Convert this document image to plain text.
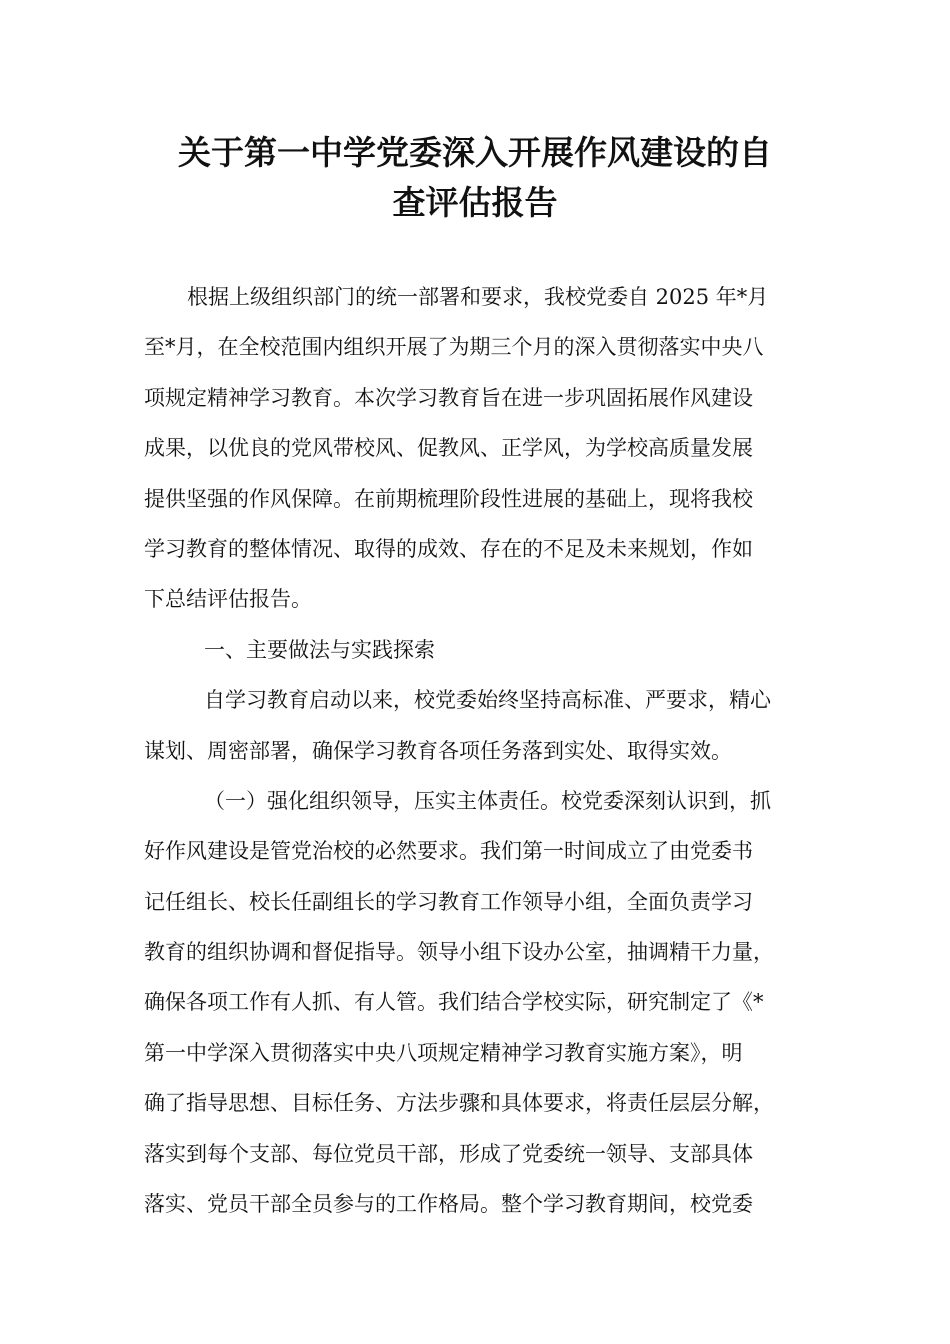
关于第一中学党委深入开展作风建设的自
查评估报告
根据上级组织部门的统一部署和要求，我校党委自 2025 年*月
至*月，在全校范围内组织开展了为期三个月的深入贯彻落实中央八
项规定精神学习教育。本次学习教育旨在进一步巩固拓展作风建设
成果，以优良的党风带校风、促教风、正学风，为学校高质量发展
提供坚强的作风保障。在前期梳理阶段性进展的基础上，现将我校
学习教育的整体情况、取得的成效、存在的不足及未来规划，作如
下总结评估报告。
一、主要做法与实践探索
自学习教育启动以来，校党委始终坚持高标准、严要求，精心
谋划、周密部署，确保学习教育各项任务落到实处、取得实效。
（一）强化组织领导，压实主体责任。校党委深刻认识到，抓
好作风建设是管党治校的必然要求。我们第一时间成立了由党委书
记任组长、校长任副组长的学习教育工作领导小组，全面负责学习
教育的组织协调和督促指导。领导小组下设办公室，抽调精干力量，
确保各项工作有人抓、有人管。我们结合学校实际，研究制定了《*
第一中学深入贯彻落实中央八项规定精神学习教育实施方案》，明
确了指导思想、目标任务、方法步骤和具体要求，将责任层层分解，
落实到每个支部、每位党员干部，形成了党委统一领导、支部具体
落实、党员干部全员参与的工作格局。整个学习教育期间，校党委
